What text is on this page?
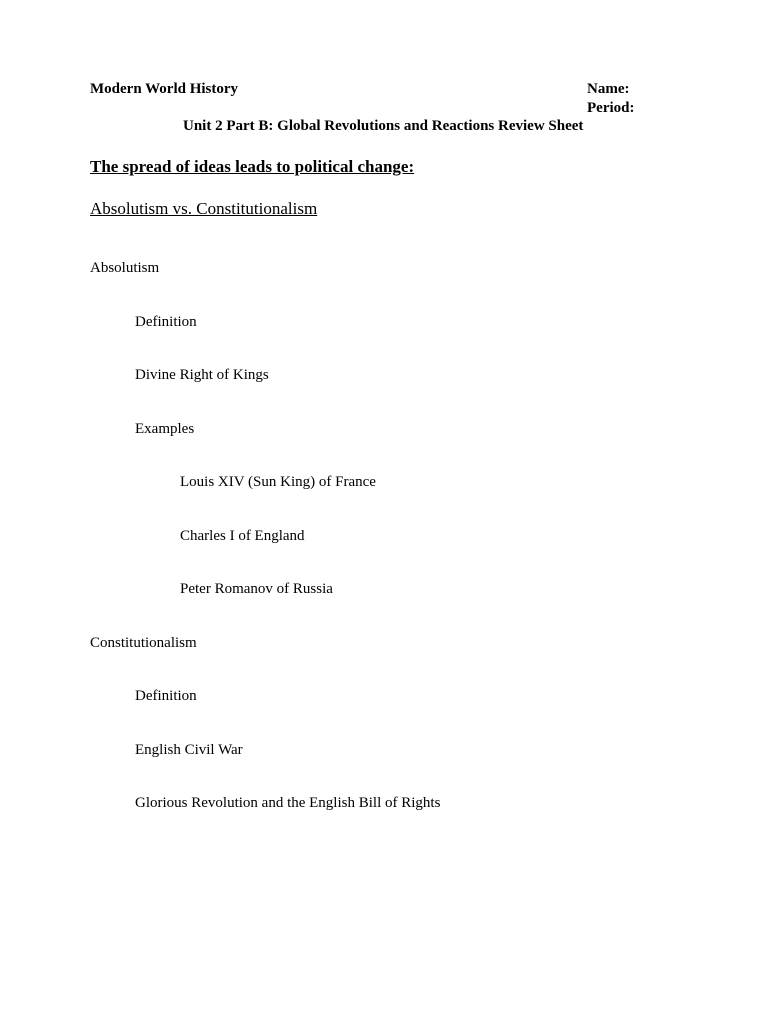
Modern World History	Name:
Period:
Unit 2 Part B: Global Revolutions and Reactions Review Sheet
The spread of ideas leads to political change:
Absolutism vs. Constitutionalism
Absolutism
Definition
Divine Right of Kings
Examples
Louis XIV (Sun King) of France
Charles I of England
Peter Romanov of Russia
Constitutionalism
Definition
English Civil War
Glorious Revolution and the English Bill of Rights
